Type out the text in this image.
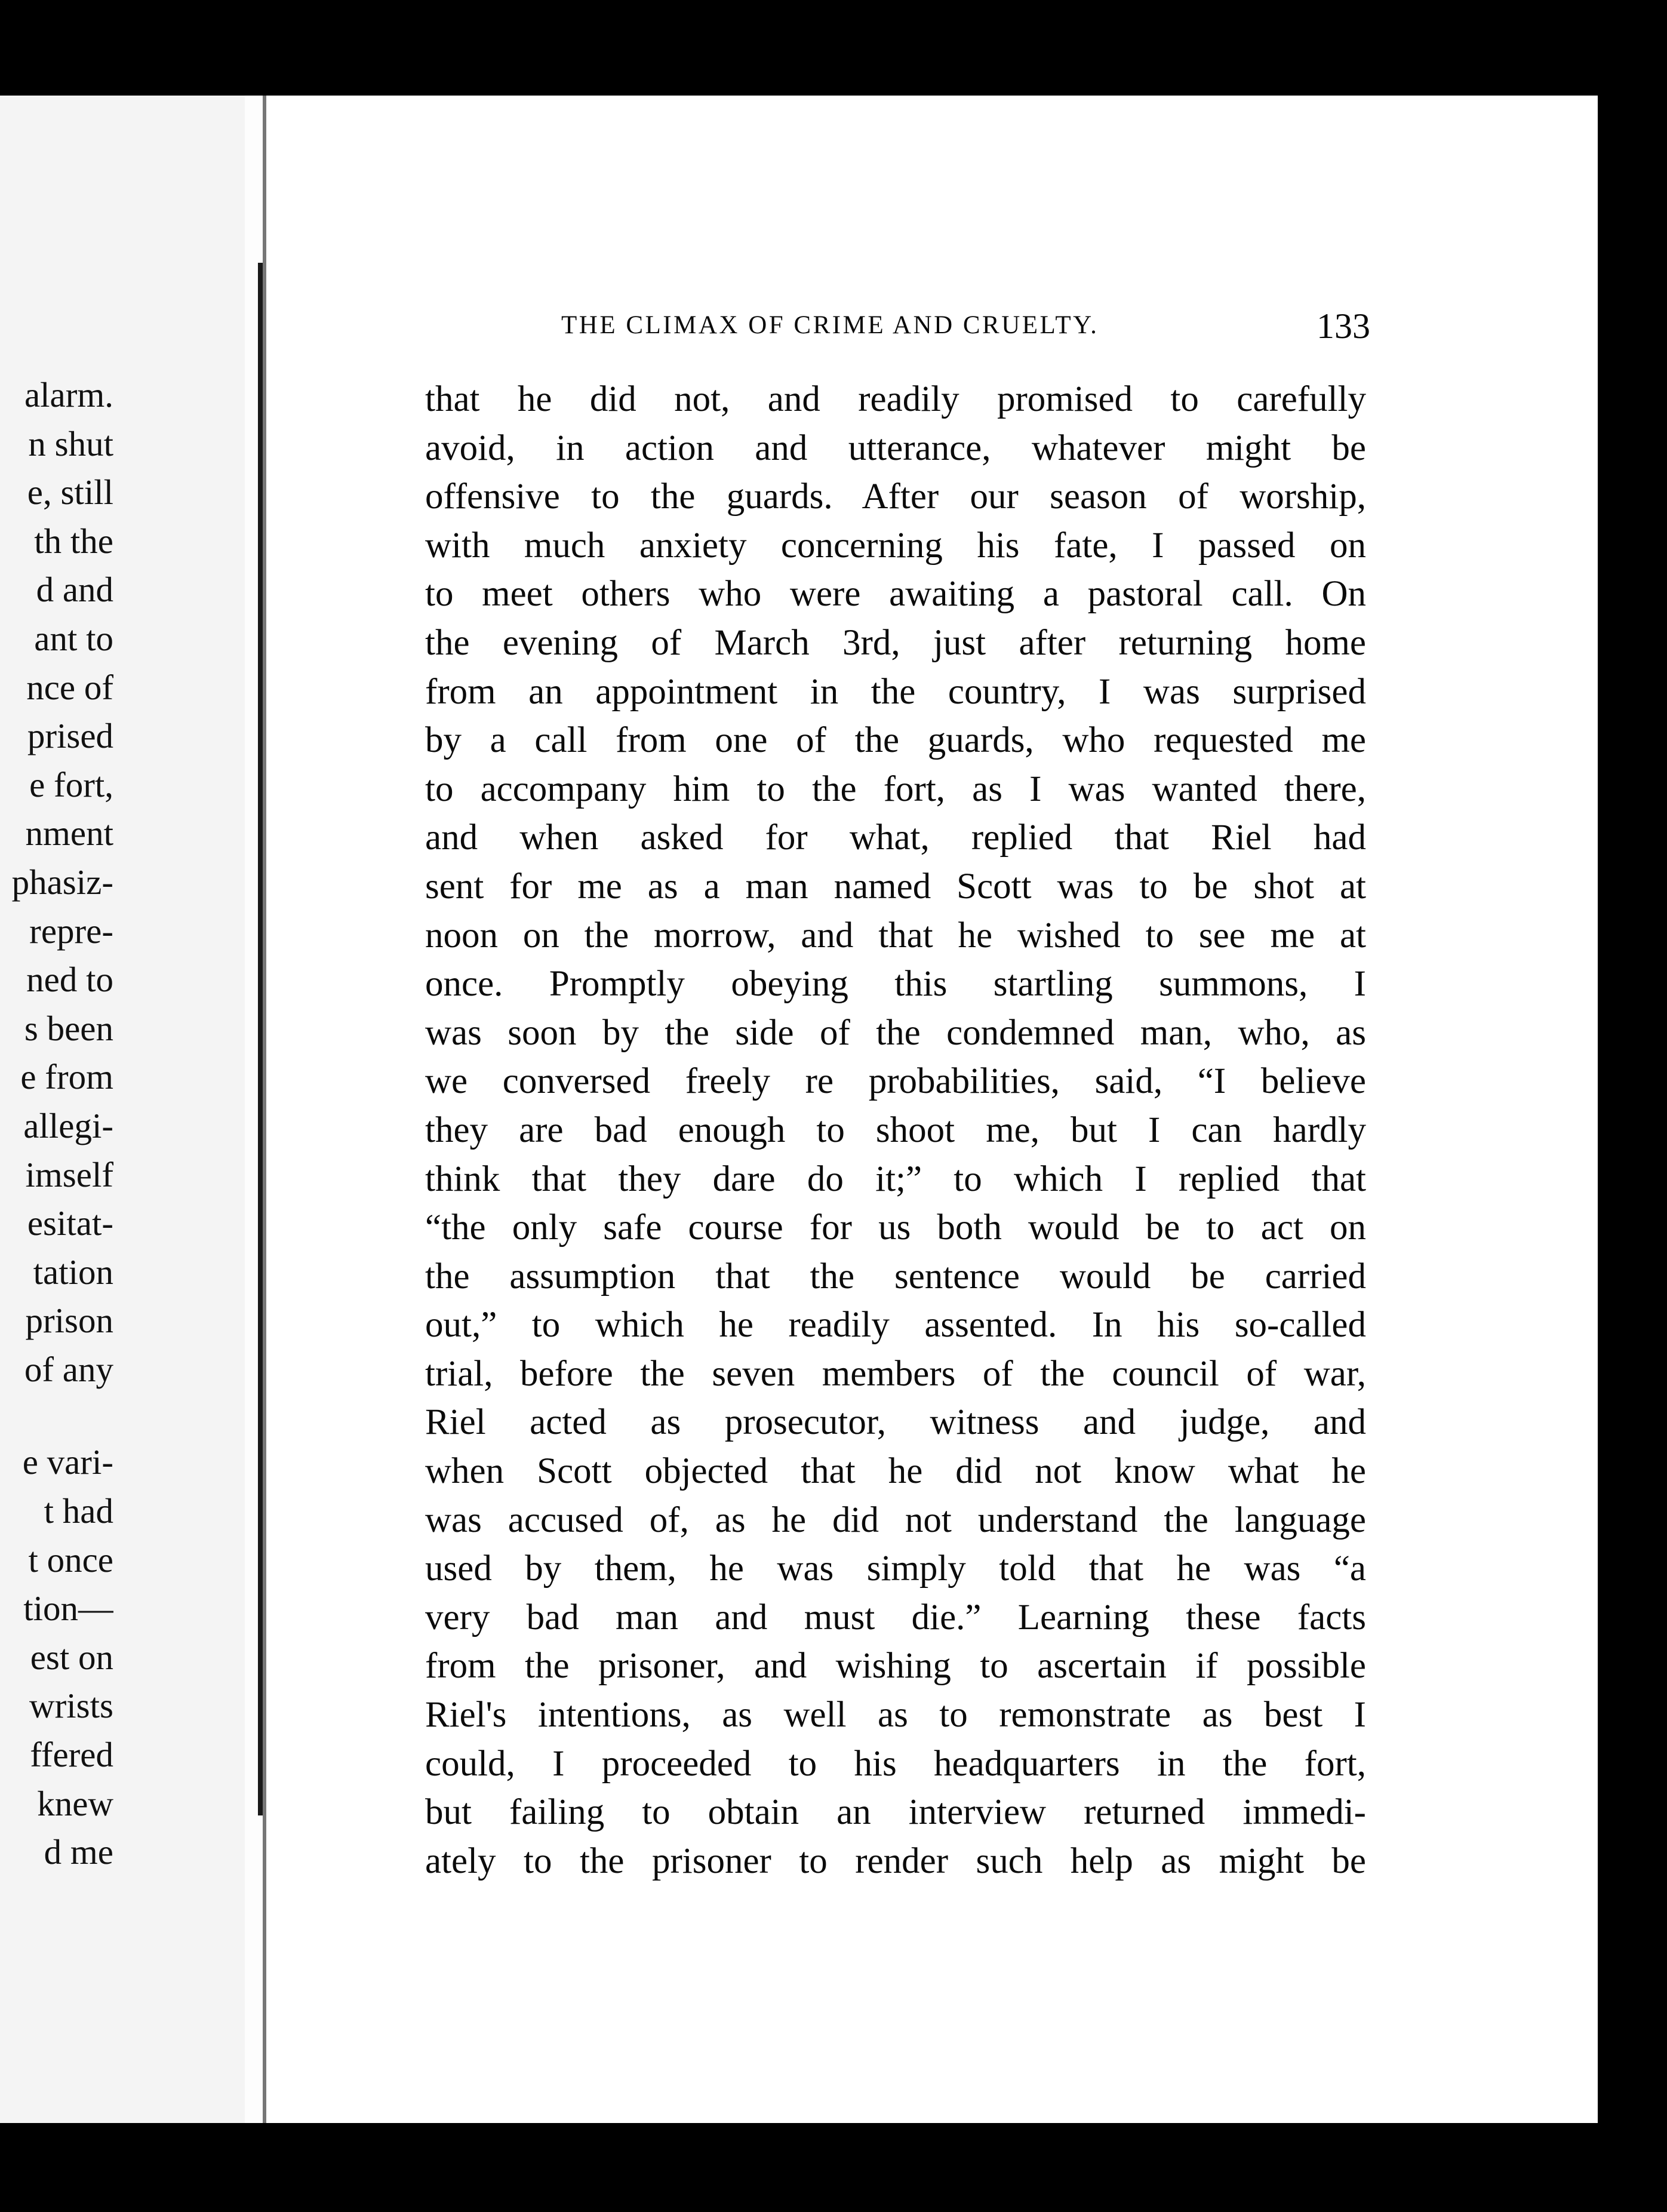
alarm.
n shut
e, still
th the
d and
ant to
nce of
prised
e fort,
nment
phasiz-
repre-
ned to
s been
e from
allegi-
imself
esitat-
tation
prison
of any
e vari-
t had
t once
tion—
est on
wrists
ffered
knew
d me
THE CLIMAX OF CRIME AND CRUELTY.	133
that he did not, and readily promised to carefully
avoid, in action and utterance, whatever might be
offensive to the guards. After our season of worship,
with much anxiety concerning his fate, I passed on
to meet others who were awaiting a pastoral call. On
the evening of March 3rd, just after returning home
from an appointment in the country, I was surprised
by a call from one of the guards, who requested me
to accompany him to the fort, as I was wanted there,
and when asked for what, replied that Riel had
sent for me as a man named Scott was to be shot at
noon on the morrow, and that he wished to see me at
once. Promptly obeying this startling summons, I
was soon by the side of the condemned man, who, as
we conversed freely re probabilities, said, “I believe
they are bad enough to shoot me, but I can hardly
think that they dare do it;” to which I replied that
“the only safe course for us both would be to act on
the assumption that the sentence would be carried
out,” to which he readily assented. In his so-called
trial, before the seven members of the council of war,
Riel acted as prosecutor, witness and judge, and
when Scott objected that he did not know what he
was accused of, as he did not understand the language
used by them, he was simply told that he was “a
very bad man and must die.” Learning these facts
from the prisoner, and wishing to ascertain if possible
Riel's intentions, as well as to remonstrate as best I
could, I proceeded to his headquarters in the fort,
but failing to obtain an interview returned immedi-
ately to the prisoner to render such help as might be
